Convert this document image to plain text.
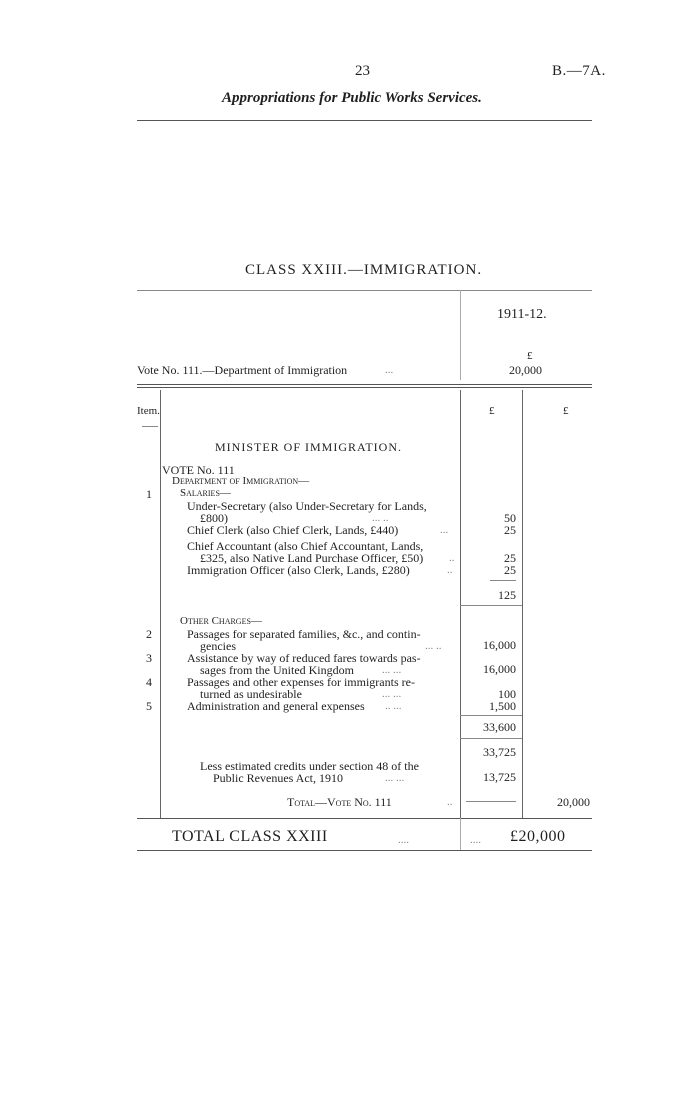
23	B.—7A.
Appropriations for Public Works Services.
CLASS XXIII.—IMMIGRATION.
1911-12.
£
Vote No. 111.—Department of Immigration	...	20,000
Item.	£	£
MINISTER OF IMMIGRATION.
VOTE No. 111
Department of Immigration—
1	Salaries—
Under-Secretary (also Under-Secretary for Lands,
£800)	... ..	50
Chief Clerk (also Chief Clerk, Lands, £440)	...	25
Chief Accountant (also Chief Accountant, Lands,
£325, also Native Land Purchase Officer, £50) ..	25
Immigration Officer (also Clerk, Lands, £280)	..	25
125
Other Charges—
2	Passages for separated families, &c., and contin-
gencies	... ..	16,000
3	Assistance by way of reduced fares towards pas-
sages from the United Kingdom	... ...	16,000
4	Passages and other expenses for immigrants re-
turned as undesirable	... ...	100
5	Administration and general expenses .. ...	1,500
33,600
33,725
Less estimated credits under section 48 of the
Public Revenues Act, 1910	... ...	13,725
Total—Vote No. 111	..	20,000
TOTAL CLASS XXIII	....	.... £20,000
